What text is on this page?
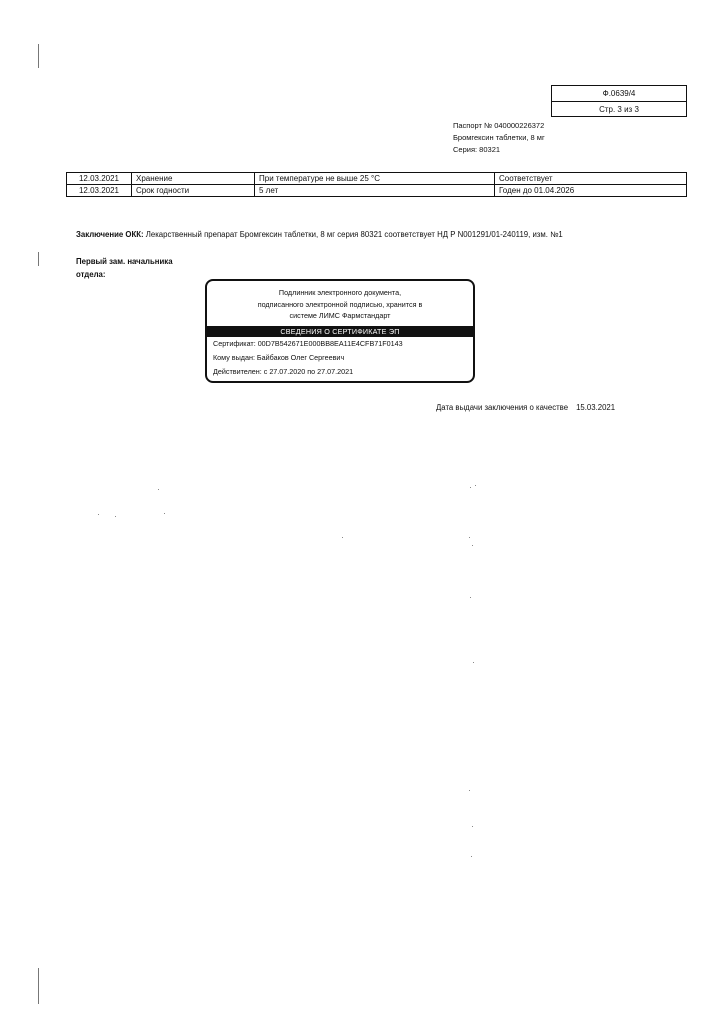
Ф.0639/4
Стр. 3 из 3
Паспорт № 040000226372
Бромгексин таблетки, 8 мг
Серия: 80321
12.03.2021	Хранение	При температуре не выше 25 °С	Соответствует
12.03.2021	Срок годности	5 лет	Годен до 01.04.2026
Заключение ОКК: Лекарственный препарат Бромгексин таблетки, 8 мг серия 80321 соответствует НД Р N001291/01-240119, изм. №1
Первый зам. начальника
отдела:
Подлинник электронного документа,
подписанного электронной подписью, хранится в
системе ЛИМС Фармстандарт
СВЕДЕНИЯ О СЕРТИФИКАТЕ ЭП
Сертификат: 00D7B542671E000BB8EA11E4CFB71F0143
Кому выдан: Байбаков Олег Сергеевич
Действителен: с 27.07.2020 по 27.07.2021
Дата выдачи заключения о качестве 15.03.2021
